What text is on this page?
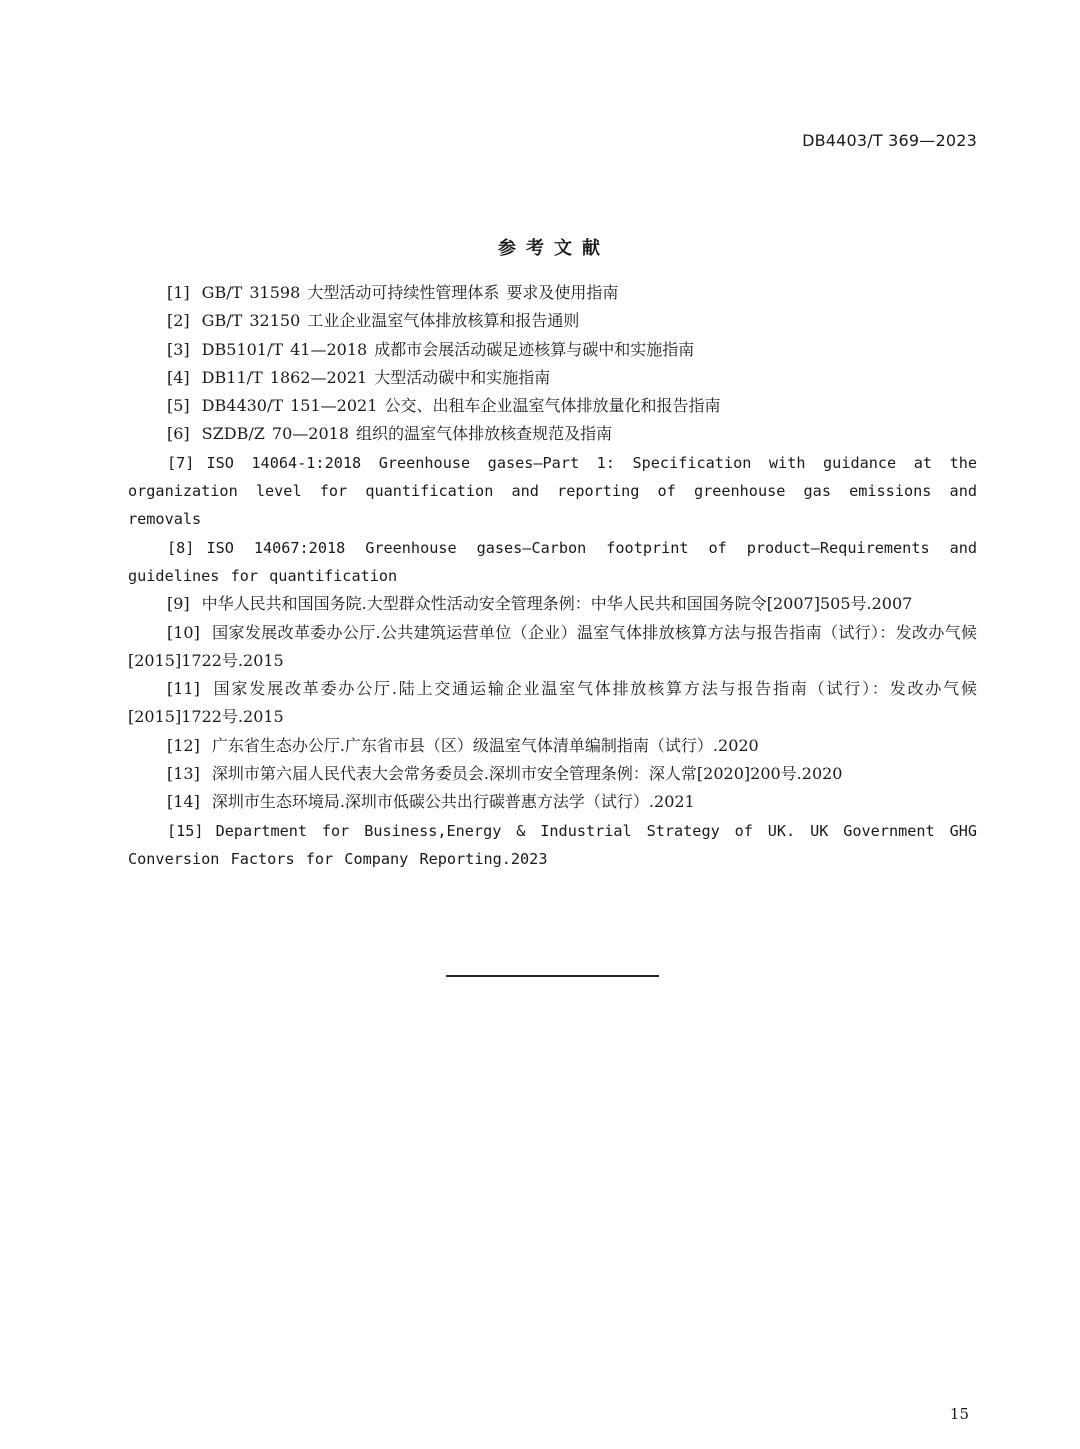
DB4403/T 369—2023
参考文献
[1] GB/T 31598 大型活动可持续性管理体系 要求及使用指南
[2] GB/T 32150 工业企业温室气体排放核算和报告通则
[3] DB5101/T 41—2018 成都市会展活动碳足迹核算与碳中和实施指南
[4] DB11/T 1862—2021 大型活动碳中和实施指南
[5] DB4430/T 151—2021 公交、出租车企业温室气体排放量化和报告指南
[6] SZDB/Z 70—2018 组织的温室气体排放核查规范及指南
[7] ISO 14064-1:2018 Greenhouse gases—Part 1: Specification with guidance at the organization level for quantification and reporting of greenhouse gas emissions and removals
[8] ISO 14067:2018 Greenhouse gases—Carbon footprint of product—Requirements and guidelines for quantification
[9] 中华人民共和国国务院.大型群众性活动安全管理条例：中华人民共和国国务院令[2007]505号.2007
[10] 国家发展改革委办公厅.公共建筑运营单位（企业）温室气体排放核算方法与报告指南（试行）：发改办气候[2015]1722号.2015
[11] 国家发展改革委办公厅.陆上交通运输企业温室气体排放核算方法与报告指南（试行）：发改办气候[2015]1722号.2015
[12] 广东省生态办公厅.广东省市县（区）级温室气体清单编制指南（试行）.2020
[13] 深圳市第六届人民代表大会常务委员会.深圳市安全管理条例：深人常[2020]200号.2020
[14] 深圳市生态环境局.深圳市低碳公共出行碳普惠方法学（试行）.2021
[15] Department for Business,Energy & Industrial Strategy of UK. UK Government GHG Conversion Factors for Company Reporting.2023
15
